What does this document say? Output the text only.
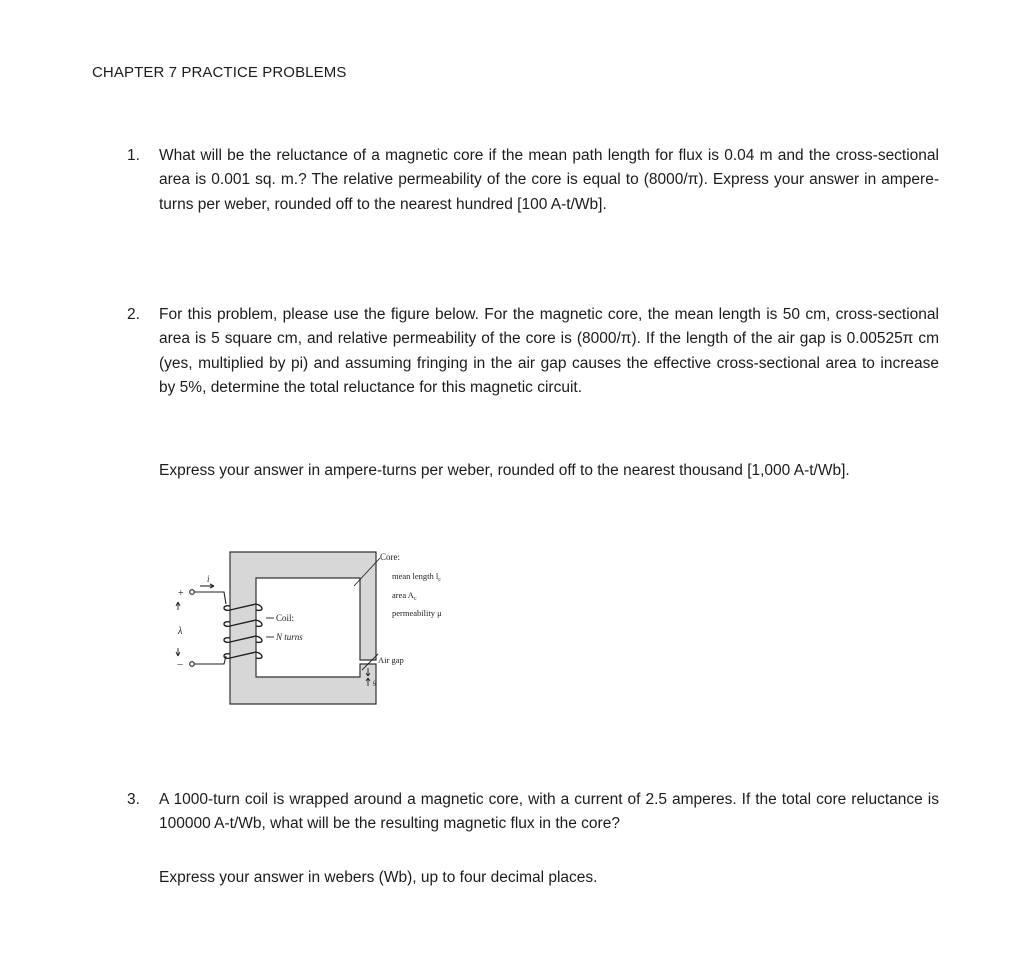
CHAPTER 7 PRACTICE PROBLEMS
1. What will be the reluctance of a magnetic core if the mean path length for flux is 0.04 m and the cross-sectional area is 0.001 sq. m.? The relative permeability of the core is equal to (8000/π). Express your answer in ampere-turns per weber, rounded off to the nearest hundred [100 A-t/Wb].
2. For this problem, please use the figure below. For the magnetic core, the mean length is 50 cm, cross-sectional area is 5 square cm, and relative permeability of the core is (8000/π). If the length of the air gap is 0.00525π cm (yes, multiplied by pi) and assuming fringing in the air gap causes the effective cross-sectional area to increase by 5%, determine the total reluctance for this magnetic circuit.
Express your answer in ampere-turns per weber, rounded off to the nearest thousand [1,000 A-t/Wb].
+
−
λ
i
Coil:
N turns
Core:
mean length $l_c$
area $A_c$
permeability μ
Air gap
g
3. A 1000-turn coil is wrapped around a magnetic core, with a current of 2.5 amperes. If the total core reluctance is 100000 A-t/Wb, what will be the resulting magnetic flux in the core?
Express your answer in webers (Wb), up to four decimal places.
